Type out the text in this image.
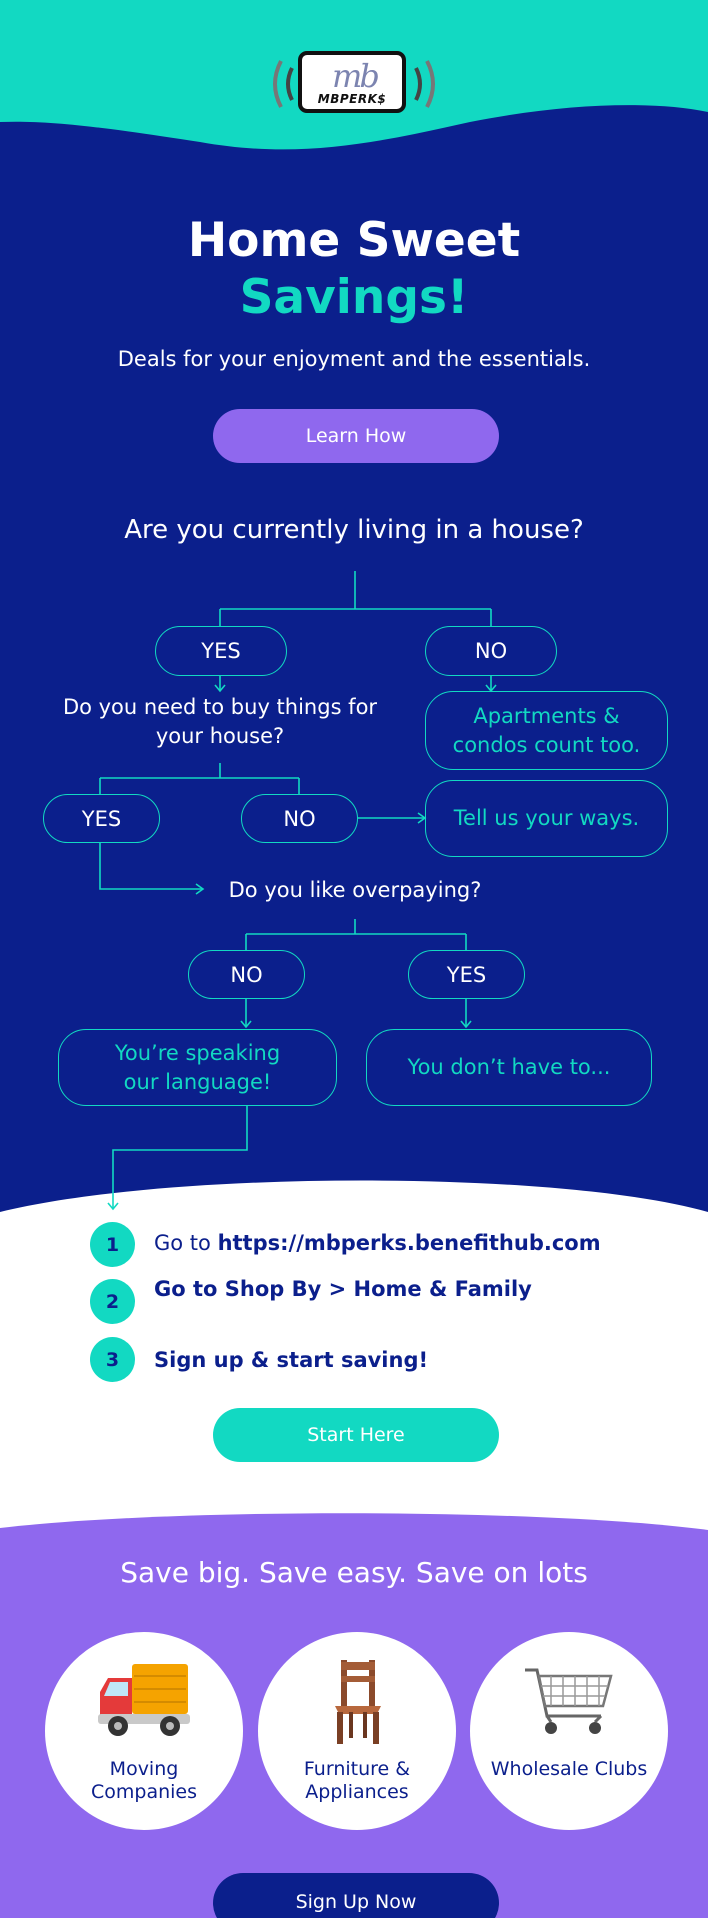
mb
MBPERK$
Home Sweet
Savings!
Deals for your enjoyment and the essentials.
Learn How
Are you currently living in a house?
YES	NO
Do you need to buy things for your house?
Apartments & condos count too.
YES	NO	Tell us your ways.
Do you like overpaying?
NO	YES
You’re speaking our language!
You don’t have to...
1	Go to https://mbperks.benefithub.com
2
Go to Shop By > Home & Family
3	Sign up & start saving!
Start Here
Save big. Save easy. Save on lots
Moving Companies
Furniture & Appliances
Wholesale Clubs
Sign Up Now
